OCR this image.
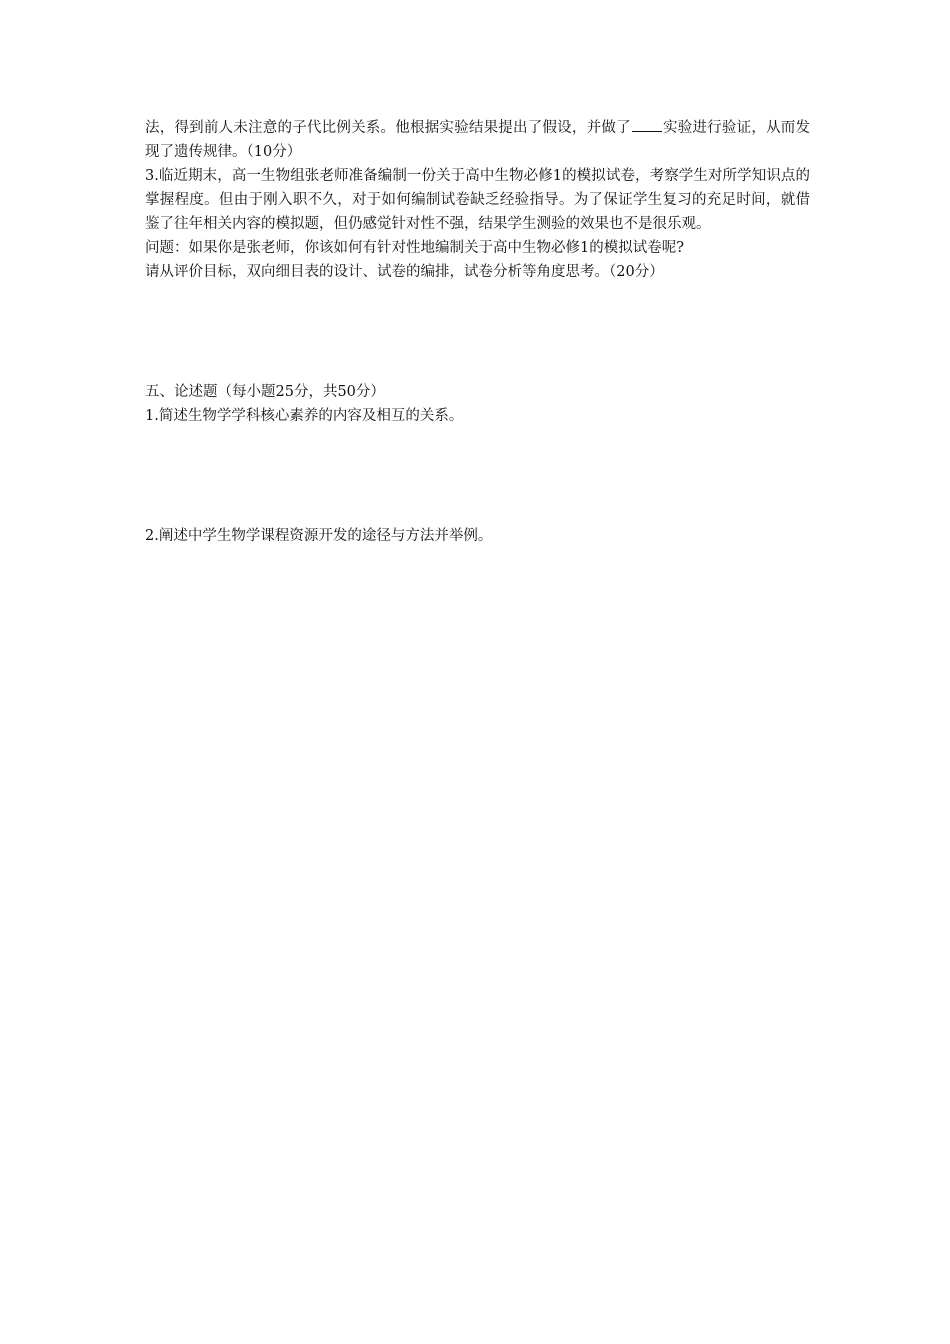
法，得到前人未注意的子代比例关系。他根据实验结果提出了假设，并做了 实验进行验证，从而发现了遗传规律。（10分）

3.临近期末，高一生物组张老师准备编制一份关于高中生物必修1的模拟试卷，考察学生对所学知识点的掌握程度。但由于刚入职不久，对于如何编制试卷缺乏经验指导。为了保证学生复习的充足时间，就借鉴了往年相关内容的模拟题，但仍感觉针对性不强，结果学生测验的效果也不是很乐观。

问题：如果你是张老师，你该如何有针对性地编制关于高中生物必修1的模拟试卷呢?

请从评价目标，双向细目表的设计、试卷的编排，试卷分析等角度思考。（20分）

五、论述题（每小题25分，共50分）

1.简述生物学学科核心素养的内容及相互的关系。

2.阐述中学生物学课程资源开发的途径与方法并举例。
